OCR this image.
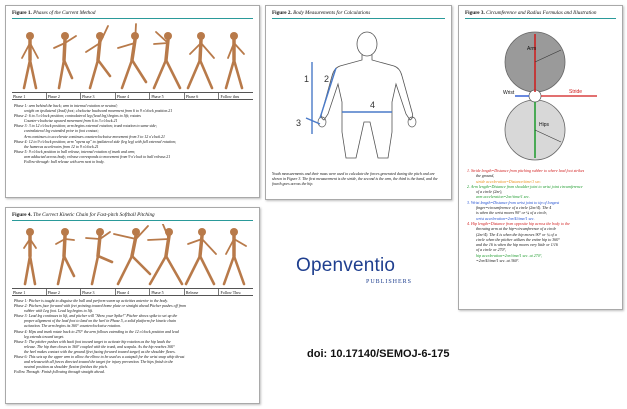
Figure 1. Phases of the Current Method
Phase 1	Phase 2	Phase 3	Phase 4	Phase 5	Phase 6	Follow thru

Phase 1: arm behind the back; arm in internal rotation or neutral;

weight on ipsilateral (lead) foot; clockwise backward movement from 6 to 9 o'clock position.21

Phase 2: 6 to 3 o'clock position; contralateral leg (lead leg) begins to lift; rotates

Counter-clockwise upward movement from 6 to 3 o'clock.21

Phase 3: 3 to 12 o'clock position; arm begins external rotation; trunk rotation to same side;

contralateral leg extended prior to foot contact;

Arm continues to accelerate continues counterclockwise movement from 3 to 12 o'clock.21

Phase 4: 12 to 9 o'clock position; arm "opens up" to ipsilateral side (leg leg) with full external rotation;

the humerus accelerates from 12 to 9 o'clock.21

Phase 5: 9 o'clock position to ball release, internal rotation of trunk and arm;

arm adducted across body; release corresponds to movement from 9 o'clock to ball release.21

Follow-through: ball release with arm next to body.

Figure 2. Body Measurements for Calculations
1 2
3
4
Youth measurements and their mass were used to calculate the forces generated during the pitch and are shown in Figure 3. The first measurement is the stride, the second is the arm, the third is the hand, and the fourth goes across the hip.
Figure 3. Circumference and Radius Formulas and Illustration
Arm
Wrist	Stride
Hips

1. Stride length=Distance from pitching rubber to where lead foot strikes

the ground,

stride acceleration=Distance/time/1 sec.

2. Arm length=Distance from shoulder joint to wrist joint circumference

of a circle (2πr),

arm acceleration=2πr/time/1 sec.

3. Wrist length=Distance from wrist joint to tip of longest

finger=circumference of a circle (2πr/4). The 4

is when the wrist moves 90° or ¼ of a circle,

wrist acceleration=2πr/4/time/1 sec.

4. Hip length=Distance from opposite hip across the body to the

throwing arm at the hip=circumference of a circle

(2πr/4). The 4 is when the hip moves 90° or ¼ of a

circle when the pitcher utilizes the entire hip to 360°

and the 16 is when the hip moves very little or 1/16

of a circle or 270°,

hip acceleration=2πr/time/1 sec. at 270°,

=2πr/4/time/1 sec. at 360°.

Figure 4. The Correct Kinetic Chain for Fast-pitch Softball Pitching
Phase 1	Phase 2	Phase 3	Phase 4	Phase 5	Release	Follow Thru

Phase 1: Pitcher is taught to disguise the ball and perform warm up activities anterior to the body.

Phase 2: Pitchers face forward with feet pointing toward home plate or straight ahead Pitcher pushes off from

rubber with Leg foot. Lead leg begins to lift.

Phase 3: Lead leg continues to lift, and pitcher will "Show your Spike!" Pitcher shows spike to set up the

proper alignment of the lead foot to land on the heel in Phase 5, a solid platform for kinetic chain

activation. The arm begins its 360° counterclockwise rotation.

Phase 4: Hips and trunk rotate back to 270° the arm follows extending to the 12 o'clock position and lead

leg extends toward target.

Phase 5: The pitcher pushes with back foot toward target to activate hip rotation as the hip leads the

release. The hip then closes to 360° coupled with the trunk, and scapula. As the hip reaches 360°

the heel makes contact with the ground (feet facing forward toward target) as the shoulder flexes.

Phase 6: This sets up the upper arm to allow the elbow to be used as a catapult for the wrist snap whip thrust

and releasewith all forces directed toward the target for injury prevention. The hips finish in the

neutral position as shoulder flexion finishes the pitch.

Follow Through: Finish following through straight ahead.

Openventio
PUBLISHERS
doi: 10.17140/SEMOJ-6-175
